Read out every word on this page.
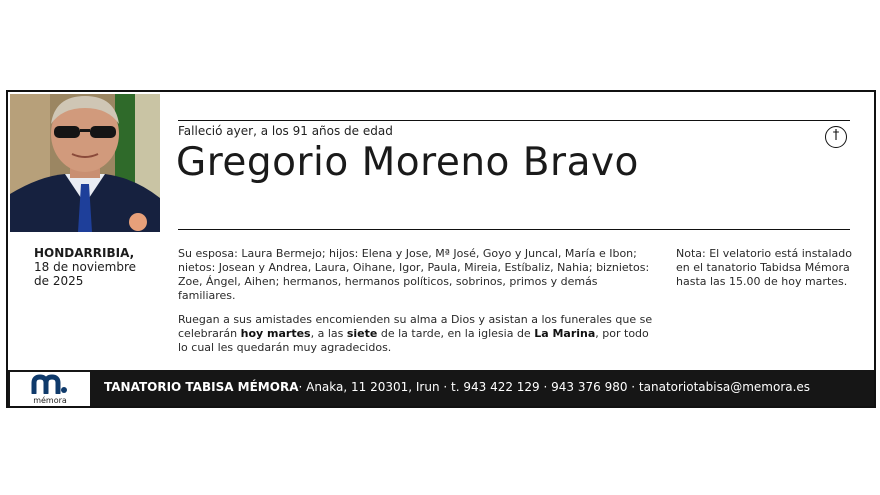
Falleció ayer, a los 91 años de edad
Gregorio Moreno Bravo
†
HONDARRIBIA,
18 de noviembre
de 2025

Su esposa: Laura Bermejo; hijos: Elena y Jose, Mª José, Goyo y Juncal, María e Ibon; nietos: Josean y Andrea, Laura, Oihane, Igor, Paula, Mireia, Estíbaliz, Nahia; biznietos: Zoe, Ángel, Aihen; hermanos, hermanos políticos, sobrinos, primos y demás familiares.

Ruegan a sus amistades encomienden su alma a Dios y asistan a los funerales que se celebrarán hoy martes, a las siete de la tarde, en la iglesia de La Marina, por todo lo cual les quedarán muy agradecidos.

Nota: El velatorio está instalado en el tanatorio Tabidsa Mémora hasta las 15.00 de hoy martes.
mémora
TANATORIO TABISA MÉMORA· Anaka, 11 20301, Irun · t. 943 422 129 · 943 376 980 · tanatoriotabisa@memora.es
